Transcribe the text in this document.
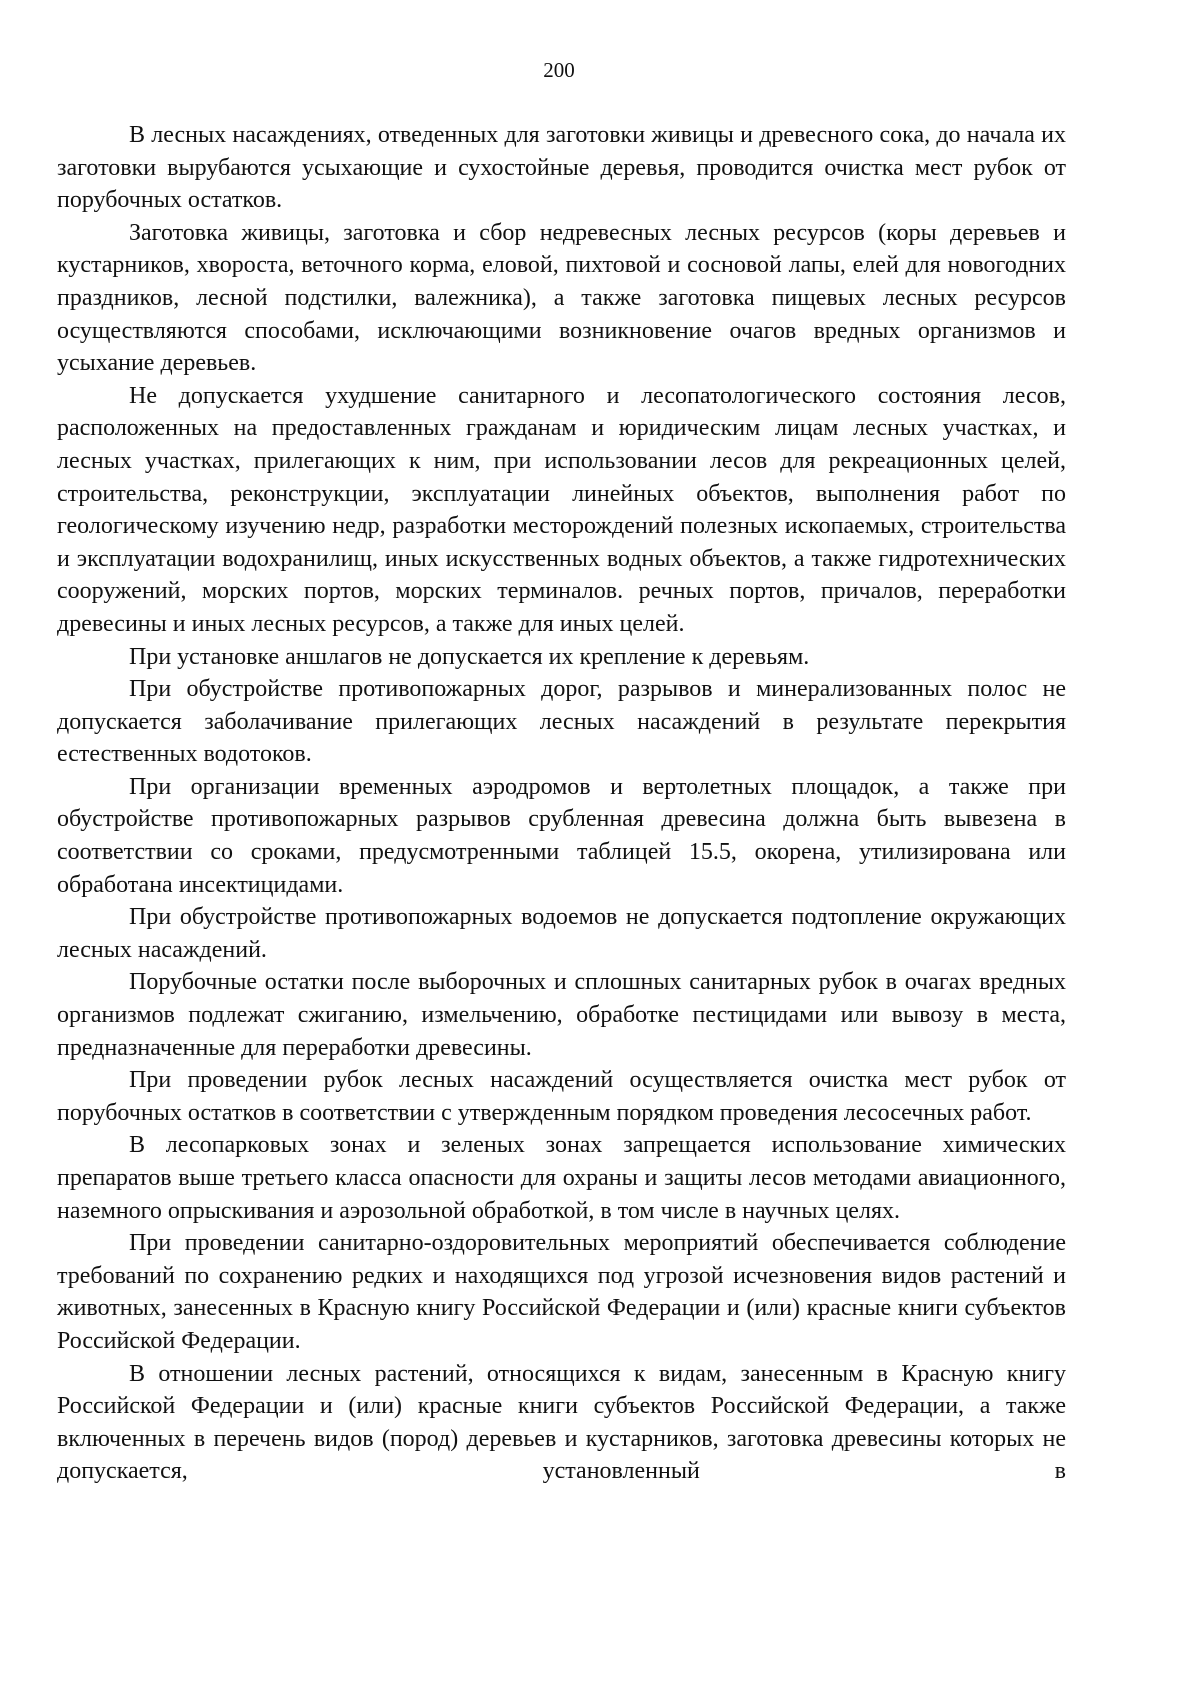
200

В лесных насаждениях, отведенных для заготовки живицы и древесного сока, до начала их заготовки вырубаются усыхающие и сухостойные деревья, проводится очистка мест рубок от порубочных остатков.

Заготовка живицы, заготовка и сбор недревесных лесных ресурсов (коры деревьев и кустарников, хвороста, веточного корма, еловой, пихтовой и сосновой лапы, елей для новогодних праздников, лесной подстилки, валежника), а также заготовка пищевых лесных ресурсов осуществляются способами, исключающими возникновение очагов вредных организмов и усыхание деревьев.

Не допускается ухудшение санитарного и лесопатологического состояния лесов, расположенных на предоставленных гражданам и юридическим лицам лесных участках, и лесных участках, прилегающих к ним, при использовании лесов для рекреационных целей, строительства, реконструкции, эксплуатации линейных объектов, выполнения работ по геологическому изучению недр, разработки месторождений полезных ископаемых, строительства и эксплуатации водохранилищ, иных искусственных водных объектов, а также гидротехнических сооружений, морских портов, морских терминалов. речных портов, причалов, переработки древесины и иных лесных ресурсов, а также для иных целей.

При установке аншлагов не допускается их крепление к деревьям.

При обустройстве противопожарных дорог, разрывов и минерализованных полос не допускается заболачивание прилегающих лесных насаждений в результате перекрытия естественных водотоков.

При организации временных аэродромов и вертолетных площадок, а также при обустройстве противопожарных разрывов срубленная древесина должна быть вывезена в соответствии со сроками, предусмотренными таблицей 15.5, окорена, утилизирована или обработана инсектицидами.

При обустройстве противопожарных водоемов не допускается подтопление окружающих лесных насаждений.

Порубочные остатки после выборочных и сплошных санитарных рубок в очагах вредных организмов подлежат сжиганию, измельчению, обработке пестицидами или вывозу в места, предназначенные для переработки древесины.

При проведении рубок лесных насаждений осуществляется очистка мест рубок от порубочных остатков в соответствии с утвержденным порядком проведения лесосечных работ.

В лесопарковых зонах и зеленых зонах запрещается использование химических препаратов выше третьего класса опасности для охраны и защиты лесов методами авиационного, наземного опрыскивания и аэрозольной обработкой, в том числе в научных целях.

При проведении санитарно-оздоровительных мероприятий обеспечивается соблюдение требований по сохранению редких и находящихся под угрозой исчезновения видов растений и животных, занесенных в Красную книгу Российской Федерации и (или) красные книги субъектов Российской Федерации.

В отношении лесных растений, относящихся к видам, занесенным в Красную книгу Российской Федерации и (или) красные книги субъектов Российской Федерации, а также включенных в перечень видов (пород) деревьев и кустарников, заготовка древесины которых не допускается, установленный в
